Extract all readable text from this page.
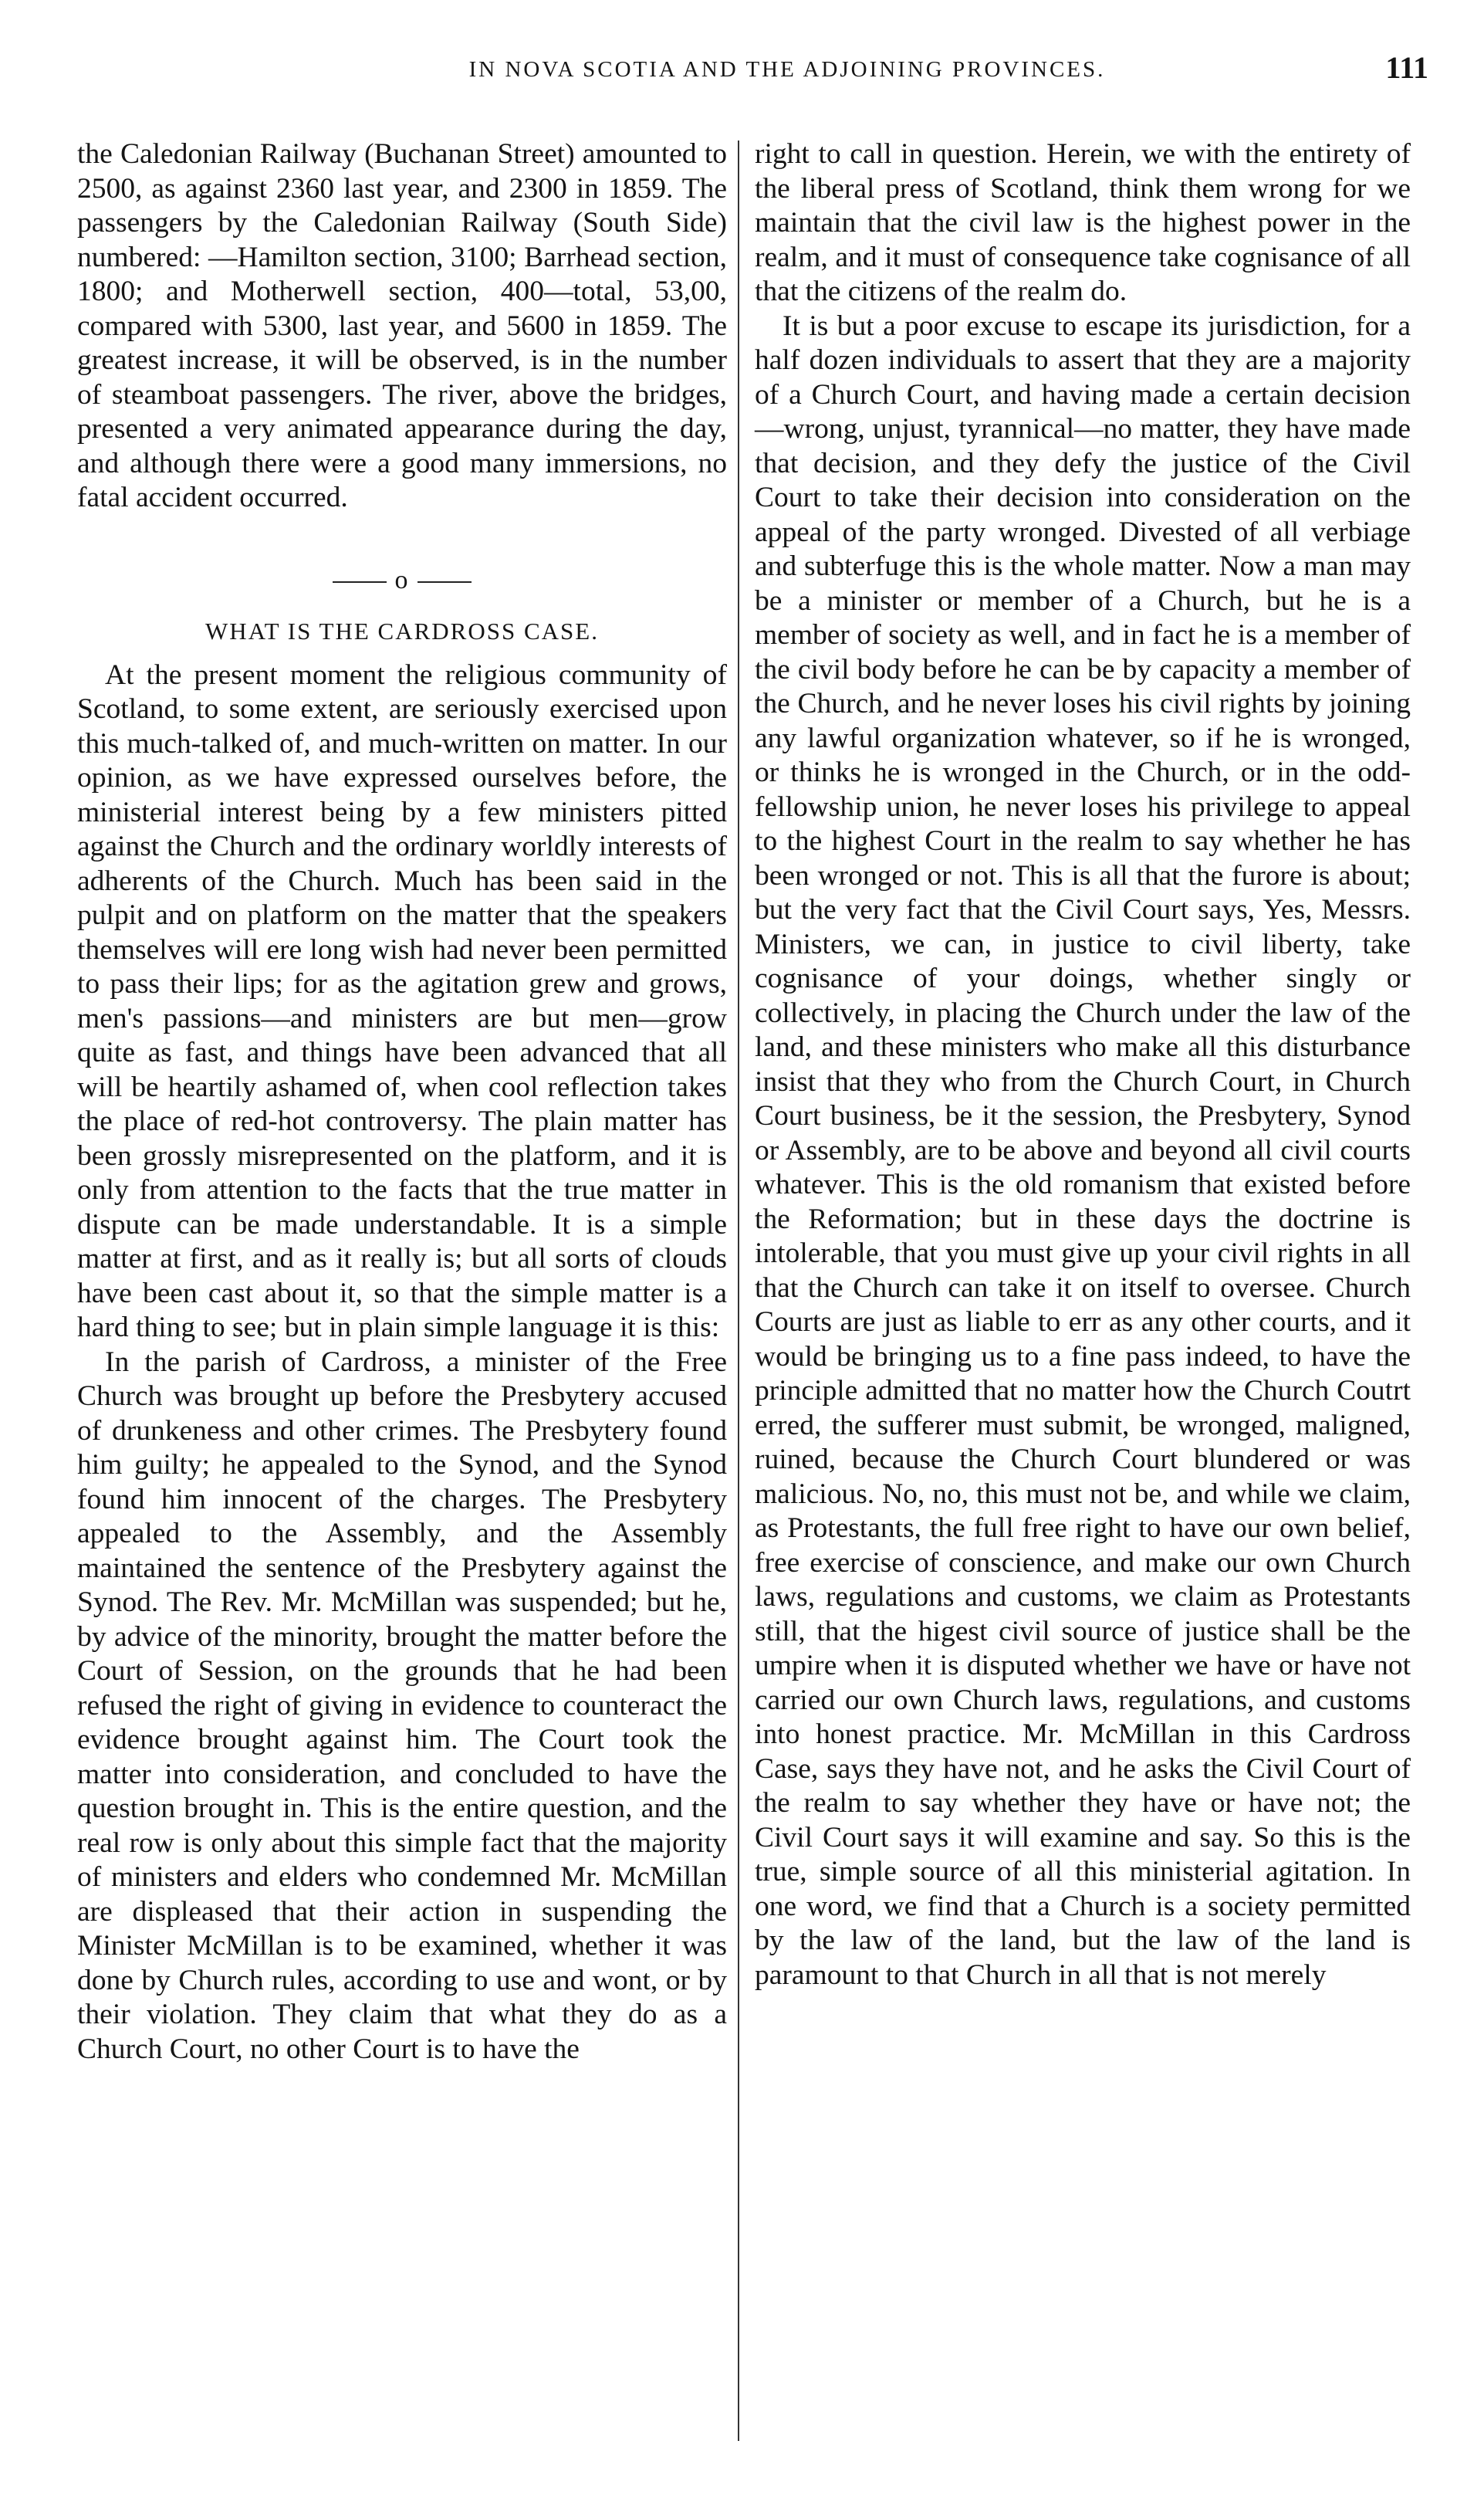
IN NOVA SCOTIA AND THE ADJOINING PROVINCES.	111

the Caledonian Railway (Buchanan Street) amounted to 2500, as against 2360 last year, and 2300 in 1859. The passengers by the Caledonian Railway (South Side) numbered: —Hamilton section, 3100; Barrhead section, 1800; and Motherwell section, 400—total, 53,00, compared with 5300, last year, and 5600 in 1859. The greatest increase, it will be observed, is in the number of steamboat passengers. The river, above the bridges, presented a very animated appearance during the day, and although there were a good many immersions, no fatal accident occurred.

o

WHAT IS THE CARDROSS CASE.

At the present moment the religious community of Scotland, to some extent, are seriously exercised upon this much-talked of, and much-written on matter. In our opinion, as we have expressed ourselves before, the ministerial interest being by a few ministers pitted against the Church and the ordinary worldly interests of adherents of the Church. Much has been said in the pulpit and on platform on the matter that the speakers themselves will ere long wish had never been permitted to pass their lips; for as the agitation grew and grows, men's passions—and ministers are but men—grow quite as fast, and things have been advanced that all will be heartily ashamed of, when cool reflection takes the place of red-hot controversy. The plain matter has been grossly misrepresented on the platform, and it is only from attention to the facts that the true matter in dispute can be made understandable. It is a simple matter at first, and as it really is; but all sorts of clouds have been cast about it, so that the simple matter is a hard thing to see; but in plain simple language it is this:

In the parish of Cardross, a minister of the Free Church was brought up before the Presbytery accused of drunkeness and other crimes. The Presbytery found him guilty; he appealed to the Synod, and the Synod found him innocent of the charges. The Presbytery appealed to the Assembly, and the Assembly maintained the sentence of the Presbytery against the Synod. The Rev. Mr. McMillan was suspended; but he, by advice of the minority, brought the matter before the Court of Session, on the grounds that he had been refused the right of giving in evidence to counteract the evidence brought against him. The Court took the matter into consideration, and concluded to have the question brought in. This is the entire question, and the real row is only about this simple fact that the majority of ministers and elders who condemned Mr. McMillan are displeased that their action in suspending the Minister McMillan is to be examined, whether it was done by Church rules, according to use and wont, or by their violation. They claim that what they do as a Church Court, no other Court is to have the

right to call in question. Herein, we with the entirety of the liberal press of Scotland, think them wrong for we maintain that the civil law is the highest power in the realm, and it must of consequence take cognisance of all that the citizens of the realm do.

It is but a poor excuse to escape its jurisdiction, for a half dozen individuals to assert that they are a majority of a Church Court, and having made a certain decision—wrong, unjust, tyrannical—no matter, they have made that decision, and they defy the justice of the Civil Court to take their decision into consideration on the appeal of the party wronged. Divested of all verbiage and subterfuge this is the whole matter. Now a man may be a minister or member of a Church, but he is a member of society as well, and in fact he is a member of the civil body before he can be by capacity a member of the Church, and he never loses his civil rights by joining any lawful organization whatever, so if he is wronged, or thinks he is wronged in the Church, or in the odd-fellowship union, he never loses his privilege to appeal to the highest Court in the realm to say whether he has been wronged or not. This is all that the furore is about; but the very fact that the Civil Court says, Yes, Messrs. Ministers, we can, in justice to civil liberty, take cognisance of your doings, whether singly or collectively, in placing the Church under the law of the land, and these ministers who make all this disturbance insist that they who from the Church Court, in Church Court business, be it the session, the Presbytery, Synod or Assembly, are to be above and beyond all civil courts whatever. This is the old romanism that existed before the Reformation; but in these days the doctrine is intolerable, that you must give up your civil rights in all that the Church can take it on itself to oversee. Church Courts are just as liable to err as any other courts, and it would be bringing us to a fine pass indeed, to have the principle admitted that no matter how the Church Coutrt erred, the sufferer must submit, be wronged, maligned, ruined, because the Church Court blundered or was malicious. No, no, this must not be, and while we claim, as Protestants, the full free right to have our own belief, free exercise of conscience, and make our own Church laws, regulations and customs, we claim as Protestants still, that the higest civil source of justice shall be the umpire when it is disputed whether we have or have not carried our own Church laws, regulations, and customs into honest practice. Mr. McMillan in this Cardross Case, says they have not, and he asks the Civil Court of the realm to say whether they have or have not; the Civil Court says it will examine and say. So this is the true, simple source of all this ministerial agitation. In one word, we find that a Church is a society permitted by the law of the land, but the law of the land is paramount to that Church in all that is not merely
